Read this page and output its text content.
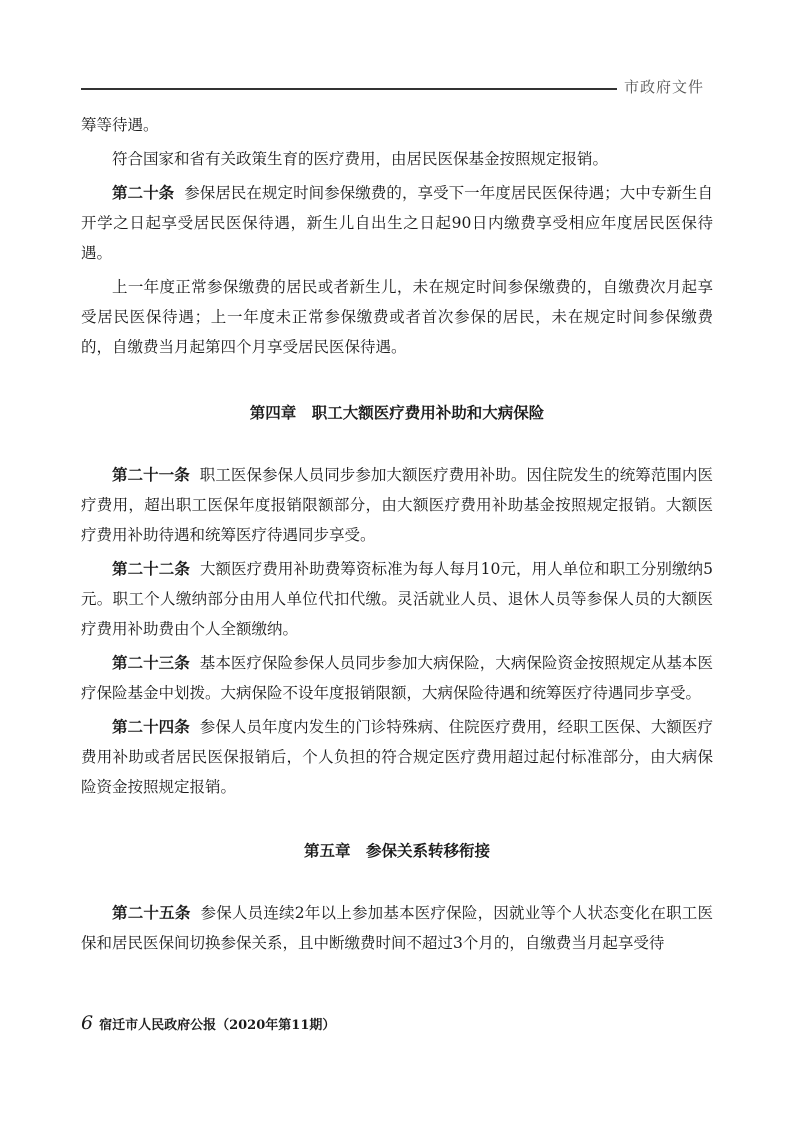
市政府文件

筹等待遇。

符合国家和省有关政策生育的医疗费用，由居民医保基金按照规定报销。

第二十条 参保居民在规定时间参保缴费的，享受下一年度居民医保待遇；大中专新生自开学之日起享受居民医保待遇，新生儿自出生之日起90日内缴费享受相应年度居民医保待遇。

上一年度正常参保缴费的居民或者新生儿，未在规定时间参保缴费的，自缴费次月起享受居民医保待遇；上一年度未正常参保缴费或者首次参保的居民，未在规定时间参保缴费的，自缴费当月起第四个月享受居民医保待遇。

第四章　职工大额医疗费用补助和大病保险

第二十一条 职工医保参保人员同步参加大额医疗费用补助。因住院发生的统筹范围内医疗费用，超出职工医保年度报销限额部分，由大额医疗费用补助基金按照规定报销。大额医疗费用补助待遇和统筹医疗待遇同步享受。

第二十二条 大额医疗费用补助费筹资标准为每人每月10元，用人单位和职工分别缴纳5元。职工个人缴纳部分由用人单位代扣代缴。灵活就业人员、退休人员等参保人员的大额医疗费用补助费由个人全额缴纳。

第二十三条 基本医疗保险参保人员同步参加大病保险，大病保险资金按照规定从基本医疗保险基金中划拨。大病保险不设年度报销限额，大病保险待遇和统筹医疗待遇同步享受。

第二十四条 参保人员年度内发生的门诊特殊病、住院医疗费用，经职工医保、大额医疗费用补助或者居民医保报销后，个人负担的符合规定医疗费用超过起付标准部分，由大病保险资金按照规定报销。

第五章　参保关系转移衔接

第二十五条 参保人员连续2年以上参加基本医疗保险，因就业等个人状态变化在职工医保和居民医保间切换参保关系，且中断缴费时间不超过3个月的，自缴费当月起享受待

6 宿迁市人民政府公报（2020年第11期）
